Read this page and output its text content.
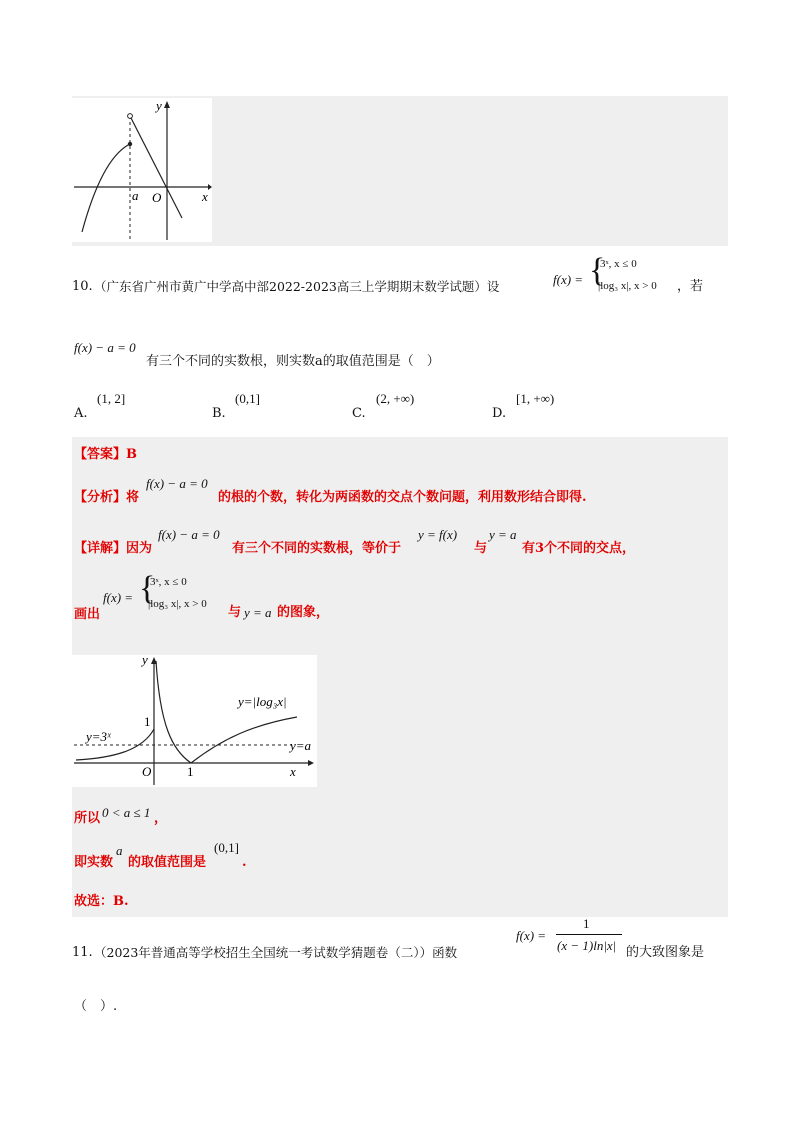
y
x
a O
10. （广东省广州市黄广中学高中部2022-2023高三上学期期末数学试题）设	f(x) = {
3ˣ, x ≤ 0
|log₃ x|, x > 0 ，若
f(x) − a = 0
有三个不同的实数根，则实数a的取值范围是（　）
A.
(1, 2]
B.
(0,1]
C.
(2, +∞)
D.
[1, +∞)
【答案】B
【分析】将
f(x) − a = 0
的根的个数，转化为两函数的交点个数问题，利用数形结合即得.
【详解】因为
f(x) − a = 0
有三个不同的实数根，等价于
y = f(x)
与
y = a
有3个不同的交点，
画出
f(x) = {
3ˣ, x ≤ 0
|log₃ x|, x > 0
与 y = a 的图象，
y
x
O
1
1
y=3ˣ
y=|log₃x|
y=a
所以 0 < a ≤ 1 ，
即实数
a
的取值范围是
(0,1]
.
故选：B.
11. （2023年普通高等学校招生全国统一考试数学猜题卷（二））函数
f(x) =
1
(x − 1)ln|x| 的大致图象是
（　）.
